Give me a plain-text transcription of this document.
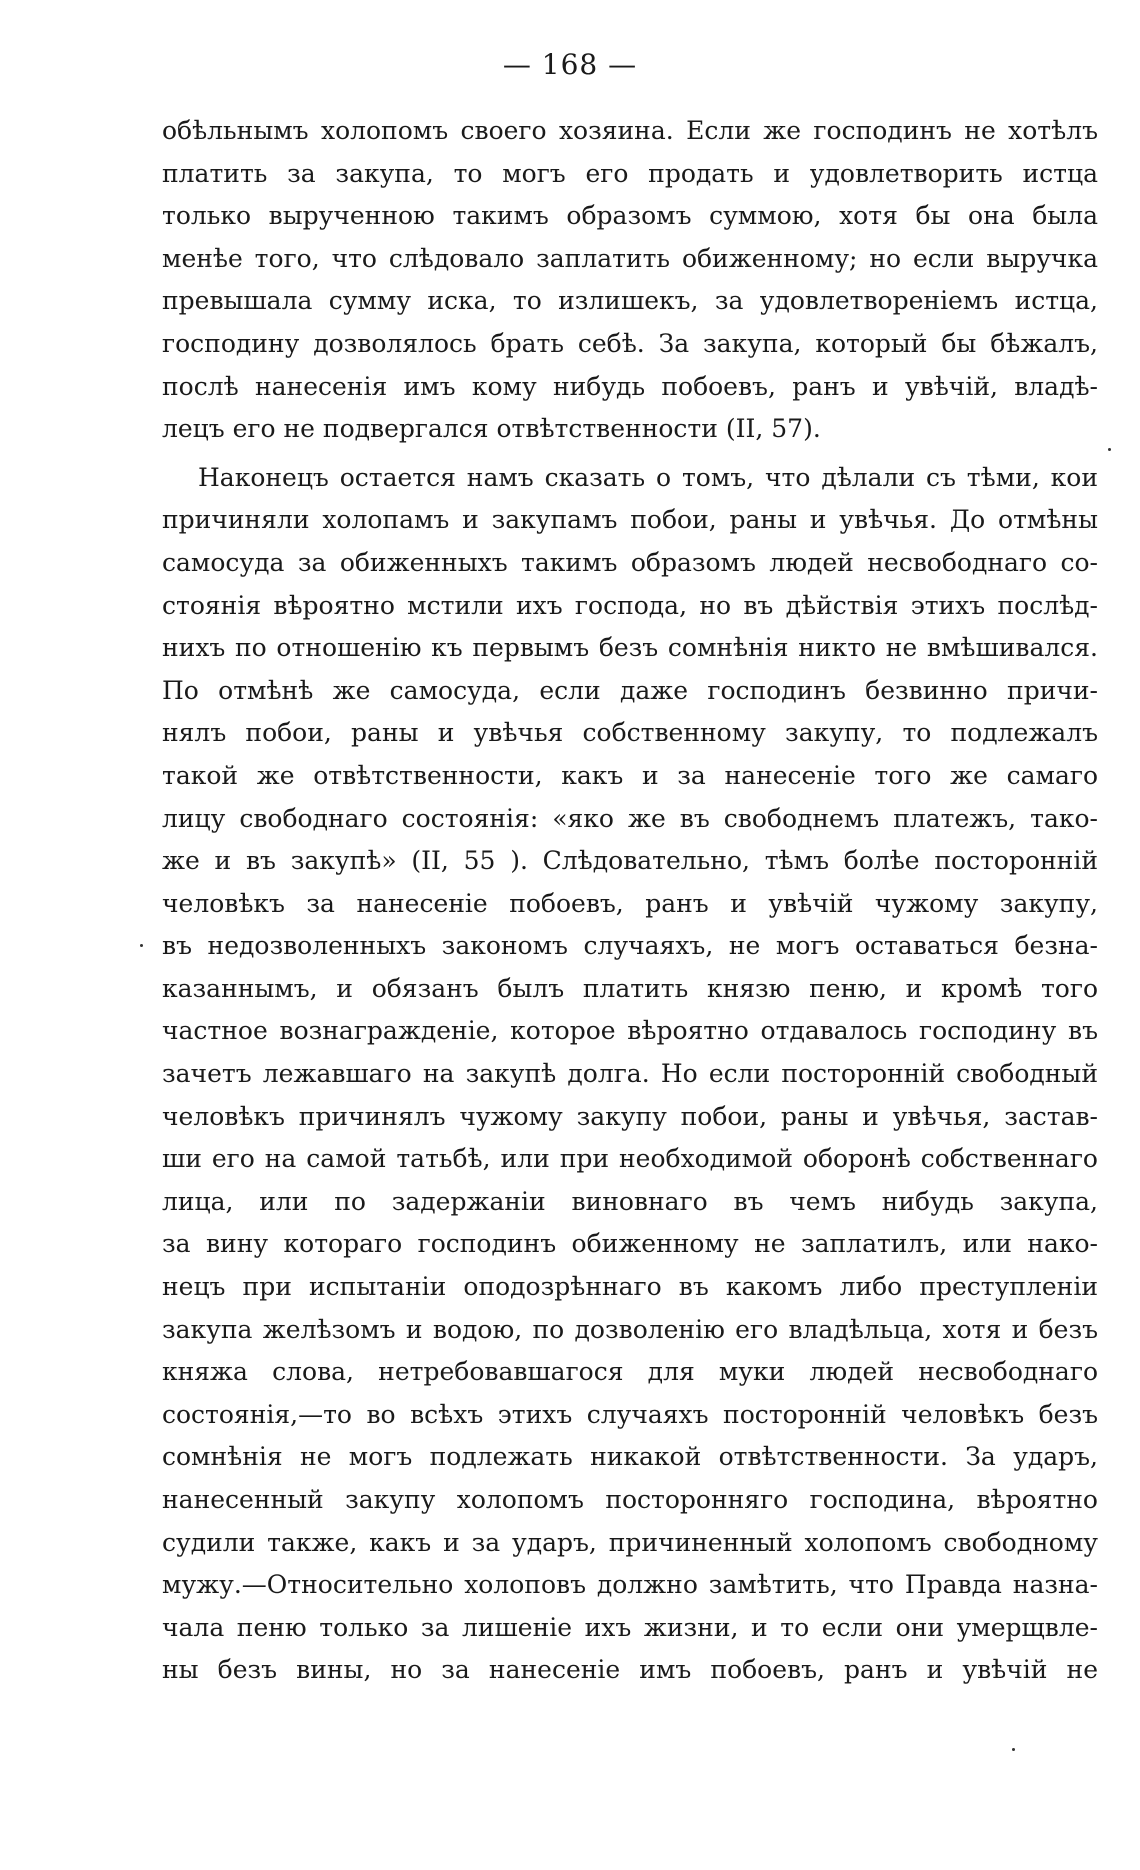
— 168 —
обѣльнымъ холопомъ своего хозяина. Если же господинъ не хотѣлъ
платить за закупа, то могъ его продать и удовлетворить истца
только вырученною такимъ образомъ суммою, хотя бы она была
менѣе того, что слѣдовало заплатить обиженному; но если выручка
превышала сумму иска, то излишекъ, за удовлетвореніемъ истца,
господину дозволялось брать себѣ. За закупа, который бы бѣжалъ,
послѣ нанесенія имъ кому нибудь побоевъ, ранъ и увѣчій, владѣ-
лецъ его не подвергался отвѣтственности (II, 57).
Наконецъ остается намъ сказать о томъ, что дѣлали съ тѣми, кои
причиняли холопамъ и закупамъ побои, раны и увѣчья. До отмѣны
самосуда за обиженныхъ такимъ образомъ людей несвободнаго со-
стоянія вѣроятно мстили ихъ господа, но въ дѣйствія этихъ послѣд-
нихъ по отношенію къ первымъ безъ сомнѣнія никто не вмѣшивался.
По отмѣнѣ же самосуда, если даже господинъ безвинно причи-
нялъ побои, раны и увѣчья собственному закупу, то подлежалъ
такой же отвѣтственности, какъ и за нанесеніе того же самаго
лицу свободнаго состоянія: «яко же въ свободнемъ платежъ, тако-
же и въ закупѣ» (II, 55 ). Слѣдовательно, тѣмъ болѣе посторонній
человѣкъ за нанесеніе побоевъ, ранъ и увѣчій чужому закупу,
въ недозволенныхъ закономъ случаяхъ, не могъ оставаться безна-
казаннымъ, и обязанъ былъ платить князю пеню, и кромѣ того
частное вознагражденіе, которое вѣроятно отдавалось господину въ
зачетъ лежавшаго на закупѣ долга. Но если посторонній свободный
человѣкъ причинялъ чужому закупу побои, раны и увѣчья, застав-
ши его на самой татьбѣ, или при необходимой оборонѣ собственнаго
лица, или по задержаніи виновнаго въ чемъ нибудь закупа,
за вину котораго господинъ обиженному не заплатилъ, или нако-
нецъ при испытаніи оподозрѣннаго въ какомъ либо преступленіи
закупа желѣзомъ и водою, по дозволенію его владѣльца, хотя и безъ
княжа слова, нетребовавшагося для муки людей несвободнаго
состоянія,—то во всѣхъ этихъ случаяхъ посторонній человѣкъ безъ
сомнѣнія не могъ подлежать никакой отвѣтственности. За ударъ,
нанесенный закупу холопомъ посторонняго господина, вѣроятно
судили также, какъ и за ударъ, причиненный холопомъ свободному
мужу.—Относительно холоповъ должно замѣтить, что Правда назна-
чала пеню только за лишеніе ихъ жизни, и то если они умерщвле-
ны безъ вины, но за нанесеніе имъ побоевъ, ранъ и увѣчій не
